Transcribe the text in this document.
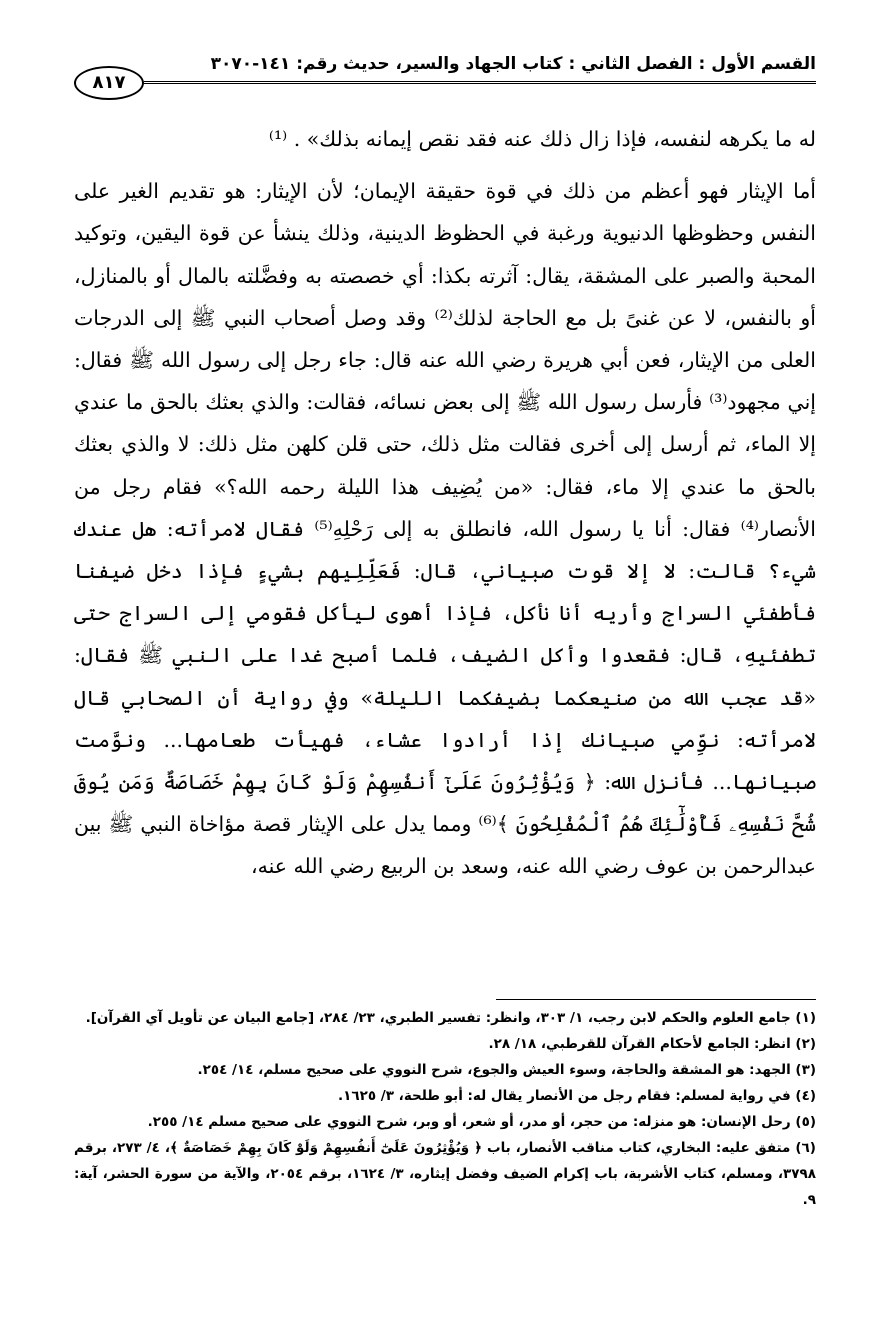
القسم الأول : الفصل الثاني : كتاب الجهاد والسير، حديث رقم: ١٤١-٣٠٧٠
٨١٧

له ما يكرهه لنفسه، فإذا زال ذلك عنه فقد نقص إيمانه بذلك» . ⁽¹⁾

أما الإيثار فهو أعظم من ذلك في قوة حقيقة الإيمان؛ لأن الإيثار: هو تقديم الغير على النفس وحظوظها الدنيوية ورغبة في الحظوظ الدينية، وذلك ينشأ عن قوة اليقين، وتوكيد المحبة والصبر على المشقة، يقال: آثرته بكذا: أي خصصته به وفضَّلته بالمال أو بالمنازل، أو بالنفس، لا عن غنىً بل مع الحاجة لذلك⁽²⁾ وقد وصل أصحاب النبي ﷺ إلى الدرجات العلى من الإيثار، فعن أبي هريرة رضي الله عنه قال: جاء رجل إلى رسول الله ﷺ فقال: إني مجهود⁽³⁾ فأرسل رسول الله ﷺ إلى بعض نسائه، فقالت: والذي بعثك بالحق ما عندي إلا الماء، ثم أرسل إلى أخرى فقالت مثل ذلك، حتى قلن كلهن مثل ذلك: لا والذي بعثك بالحق ما عندي إلا ماء، فقال: «من يُضِيف هذا الليلة رحمه الله؟» فقام رجل من الأنصار⁽⁴⁾ فقال: أنا يا رسول الله، فانطلق به إلى رَحْلِهِ⁽⁵⁾ فقال لامرأته: هل عندك شيء؟ قالت: لا إلا قوت صبياني، قال: فَعَلِّلِيهم بشيءٍ فإذا دخل ضيفنا فأطفئي السراج وأريه أنا نأكل، فإذا أهوى ليأكل فقومي إلى السراج حتى تطفئيهِ، قال: فقعدوا وأكل الضيف، فلما أصبح غدا على النبي ﷺ فقال: «قد عجب الله من صنيعكما بضيفكما الليلة» وفي رواية أن الصحابي قال لامرأته: نوِّمي صبيانك إذا أرادوا عشاء، فهيأت طعامها... ونوَّمت صبيانها... فأنزل الله: ﴿ وَيُؤْثِرُونَ عَلَىٰٓ أَنفُسِهِمْ وَلَوْ كَانَ بِهِمْ خَصَاصَةٌ وَمَن يُوقَ شُحَّ نَفْسِهِۦ فَأُوْلَٰٓئِكَ هُمُ ٱلْمُفْلِحُونَ ﴾⁽⁶⁾ ومما يدل على الإيثار قصة مؤاخاة النبي ﷺ بين عبدالرحمن بن عوف رضي الله عنه، وسعد بن الربيع رضي الله عنه،

(١) جامع العلوم والحكم لابن رجب، ١/ ٣٠٣، وانظر: تفسير الطبري، ٢٣/ ٢٨٤، [جامع البيان عن تأويل آي القرآن].

(٢) انظر: الجامع لأحكام القرآن للقرطبي، ١٨/ ٢٨.

(٣) الجهد: هو المشقة والحاجة، وسوء العيش والجوع، شرح النووي على صحيح مسلم، ١٤/ ٢٥٤.

(٤) في رواية لمسلم: فقام رجل من الأنصار يقال له: أبو طلحة، ٣/ ١٦٢٥.

(٥) رحل الإنسان: هو منزله: من حجر، أو مدر، أو شعر، أو وبر، شرح النووي على صحيح مسلم ١٤/ ٢٥٥.

(٦) متفق عليه: البخاري، كتاب مناقب الأنصار، باب ﴿ وَيُؤْثِرُونَ عَلَىٰٓ أَنفُسِهِمْ وَلَوْ كَانَ بِهِمْ خَصَاصَةٌ ﴾، ٤/ ٢٧٣، برقم ٣٧٩٨، ومسلم، كتاب الأشربة، باب إكرام الضيف وفضل إيثاره، ٣/ ١٦٢٤، برقم ٢٠٥٤، والآية من سورة الحشر، آية: ٩.
